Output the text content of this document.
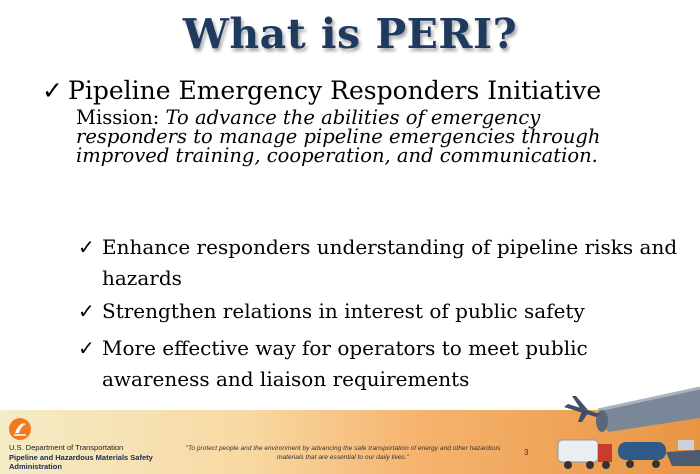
What is PERI?
✓ Pipeline Emergency Responders Initiative
Mission: To advance the abilities of emergency responders to manage pipeline emergencies through improved training, cooperation, and communication.
✓ Enhance responders understanding of pipeline risks and hazards
✓ Strengthen relations in interest of public safety
✓ More effective way for operators to meet public awareness and liaison requirements
U.S. Department of Transportation
Pipeline and Hazardous Materials Safety Administration
"To protect people and the environment by advancing the safe transportation of energy and other hazardous materials that are essential to our daily lives."
3
